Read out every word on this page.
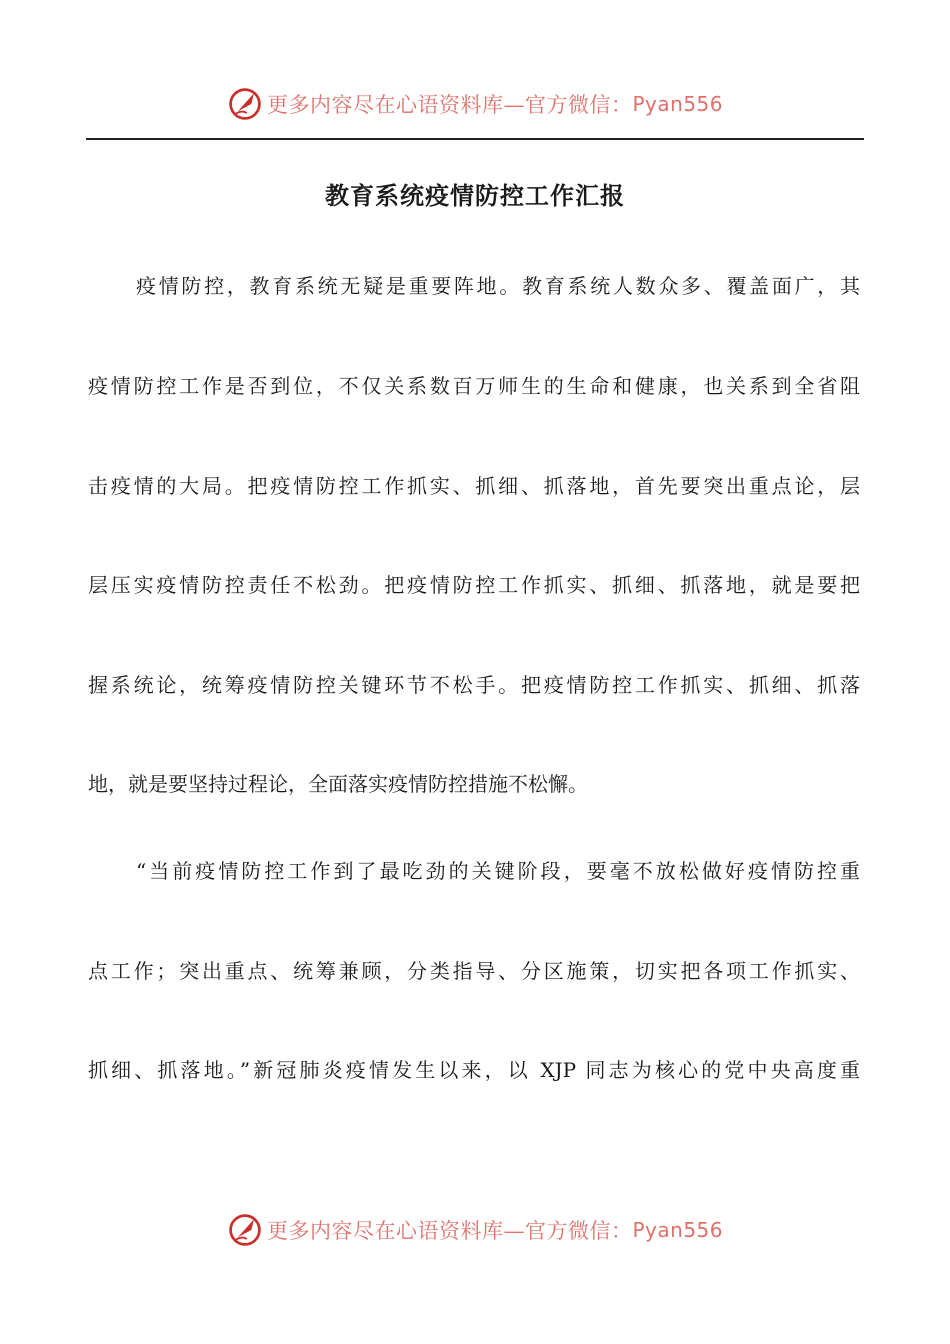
更多内容尽在心语资料库—官方微信： Pyan556
教育系统疫情防控工作汇报

疫情防控，教育系统无疑是重要阵地。教育系统人数众多、覆盖面广，其

疫情防控工作是否到位，不仅关系数百万师生的生命和健康，也关系到全省阻

击疫情的大局。把疫情防控工作抓实、抓细、抓落地，首先要突出重点论，层

层压实疫情防控责任不松劲。把疫情防控工作抓实、抓细、抓落地，就是要把

握系统论，统筹疫情防控关键环节不松手。把疫情防控工作抓实、抓细、抓落

地，就是要坚持过程论，全面落实疫情防控措施不松懈。

“当前疫情防控工作到了最吃劲的关键阶段，要毫不放松做好疫情防控重

点工作；突出重点、统筹兼顾，分类指导、分区施策，切实把各项工作抓实、

抓细、抓落地。”新冠肺炎疫情发生以来，以 XJP 同志为核心的党中央高度重

更多内容尽在心语资料库—官方微信： Pyan556
